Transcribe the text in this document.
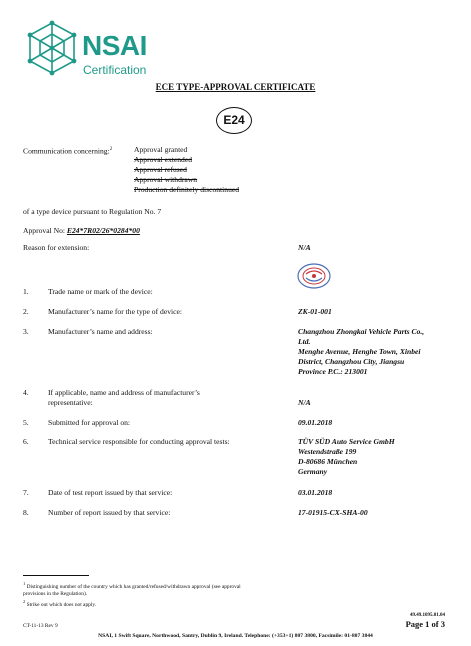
NSAI
Certification
ECE TYPE-APPROVAL CERTIFICATE
E24
Communication concerning:$^2$	Approval granted
Approval extended
Approval refused
Approval withdrawn
Production definitely discontinued
of a type device pursuant to Regulation No. 7
Approval No: E24*7R02/26*0284*00
Reason for extension:	N/A
1.	Trade name or mark of the device:
2.	Manufacturer’s name for the type of device:	ZK-01-001
3.	Manufacturer’s name and address:	Changzhou Zhongkai Vehicle Parts Co.,
Ltd.
Menghe Avenue, Henghe Town, Xinbei
District, Changzhou City, Jiangsu
Province P.C.: 213001
4.	If applicable, name and address of manufacturer’s
representative:	N/A
5.	Submitted for approval on:	09.01.2018
6.	Technical service responsible for conducting approval tests:	TÜV SÜD Auto Service GmbH
Westendstraße 199
D-80686 München
Germany
7.	Date of test report issued by that service:	03.01.2018
8.	Number of report issued by that service:	17-01915-CX-SHA-00
$^1$ Distinguishing number of the country which has granted/refused/withdrawn approval (see approval
provisions in the Regulation).
$^2$ Strike out which does not apply.
49.49.1095.01.04
CT-11-13 Rev 9	Page 1 of 3
NSAI, 1 Swift Square, Northwood, Santry, Dublin 9, Ireland. Telephone: (+353+1) 807 3800, Facsimile: 01-807 3844
